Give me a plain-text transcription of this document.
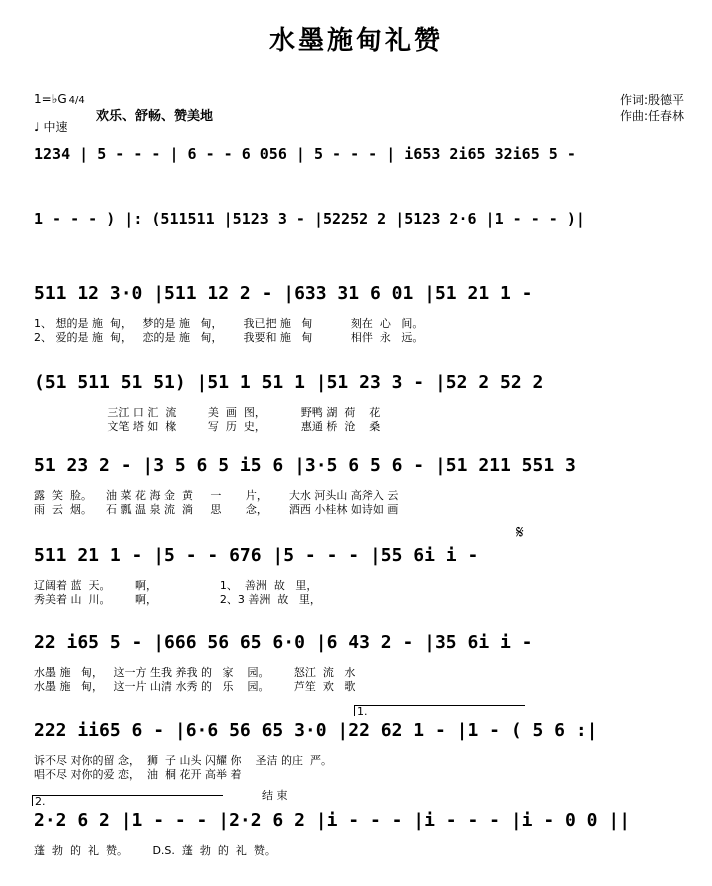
水墨施甸礼赞
1=♭G 4/4
♩ 中速
欢乐、舒畅、赞美地
作词:殷德平
作曲:任春林
1234 | 5 - - - | 6 - - 6 056 | 5 - - - | i653 2i65 32i65 5 -
1 - - - ) |: (511511 |5123 3 - |52252 2 |5123 2·6 |1 - - - )|
511 12 3·0 |511 12 2 - |633 31 6 01 |51 21 1 -
1、 想的是 施  甸，   梦的是 施   甸，      我已把 施   甸           刻在  心   间。
2、 爱的是 施  甸，   恋的是 施   甸，      我要和 施   甸           相伴  永   远。
(51 511 51 51) |51 1 51 1 |51 23 3 - |52 2 52 2
三江 口 汇  流         美  画  图，          野鸭 湖  荷    花
文笔 塔 如  椽         写  历  史，          惠通 桥  沧    桑
51 23 2 - |3 5 6 5 i5 6 |3·5 6 5 6 - |51 211 551 3
露  笑  脸。    油 菜 花 海 金  黄     一       片，      大水 河头山 高斧入 云
雨  云  烟。    石 瓢 温 泉 流  淌     思       念，      酒西 小桂林 如诗如 画
511 21 1 - |5 - - 676 |5 - - - |55 6i i -
辽阔着 蓝  天。       啊，                  1、  善洲  故   里，
秀美着 山  川。       啊，                  2、3 善洲  故   里，
22 i65 5 - |666 56 65 6·0 |6 43 2 - |35 6i i -
水墨 施   甸，   这一方 生我 养我 的   家    园。       怒江  流   水
水墨 施   甸，   这一片 山清 水秀 的   乐    园。       芦笙  欢   歌
222 ii65 6 - |6·6 56 65 3·0 |22 62 1 - |1 - ( 5 6 :|
诉不尽 对你的留 念，  狮  子 山头 闪耀 你    圣洁 的庄  严。
唱不尽 对你的爱 恋，  油  桐 花开 高举 着
2·2 6 2 |1 - - - |2·2 6 2 |i - - - |i - - - |i - 0 0 ||
蓬  勃  的  礼  赞。       D.S.  蓬  勃  的  礼  赞。
1.
2.	结 束
𝄋
